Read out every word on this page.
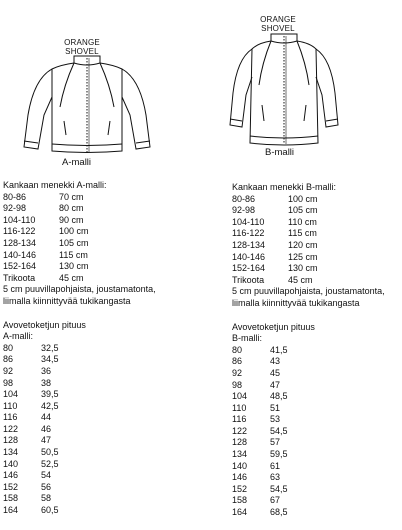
ORANGE
SHOVEL
ORANGE
SHOVEL
A-malli
B-malli
Kankaan menekki A-malli:
80-86	70 cm
92-98	80 cm
104-110	90 cm
116-122	100 cm
128-134	105 cm
140-146	115 cm
152-164	130 cm
Trikoota	45 cm
5 cm puuvillapohjaista, joustamatonta,
liimalla kiinnittyvää tukikangasta
Avovetoketjun pituus
A-malli:
80	32,5
86	34,5
92	36
98	38
104	39,5
110	42,5
116	44
122	46
128	47
134	50,5
140	52,5
146	54
152	56
158	58
164	60,5
Kankaan menekki B-malli:
80-86	100 cm
92-98	105 cm
104-110	110 cm
116-122	115 cm
128-134	120 cm
140-146	125 cm
152-164	130 cm
Trikoota	45 cm
5 cm puuvillapohjaista, joustamatonta,
liimalla kiinnittyvää tukikangasta
Avovetoketjun pituus
B-malli:
80	41,5
86	43
92	45
98	47
104	48,5
110	51
116	53
122	54,5
128	57
134	59,5
140	61
146	63
152	54,5
158	67
164	68,5
